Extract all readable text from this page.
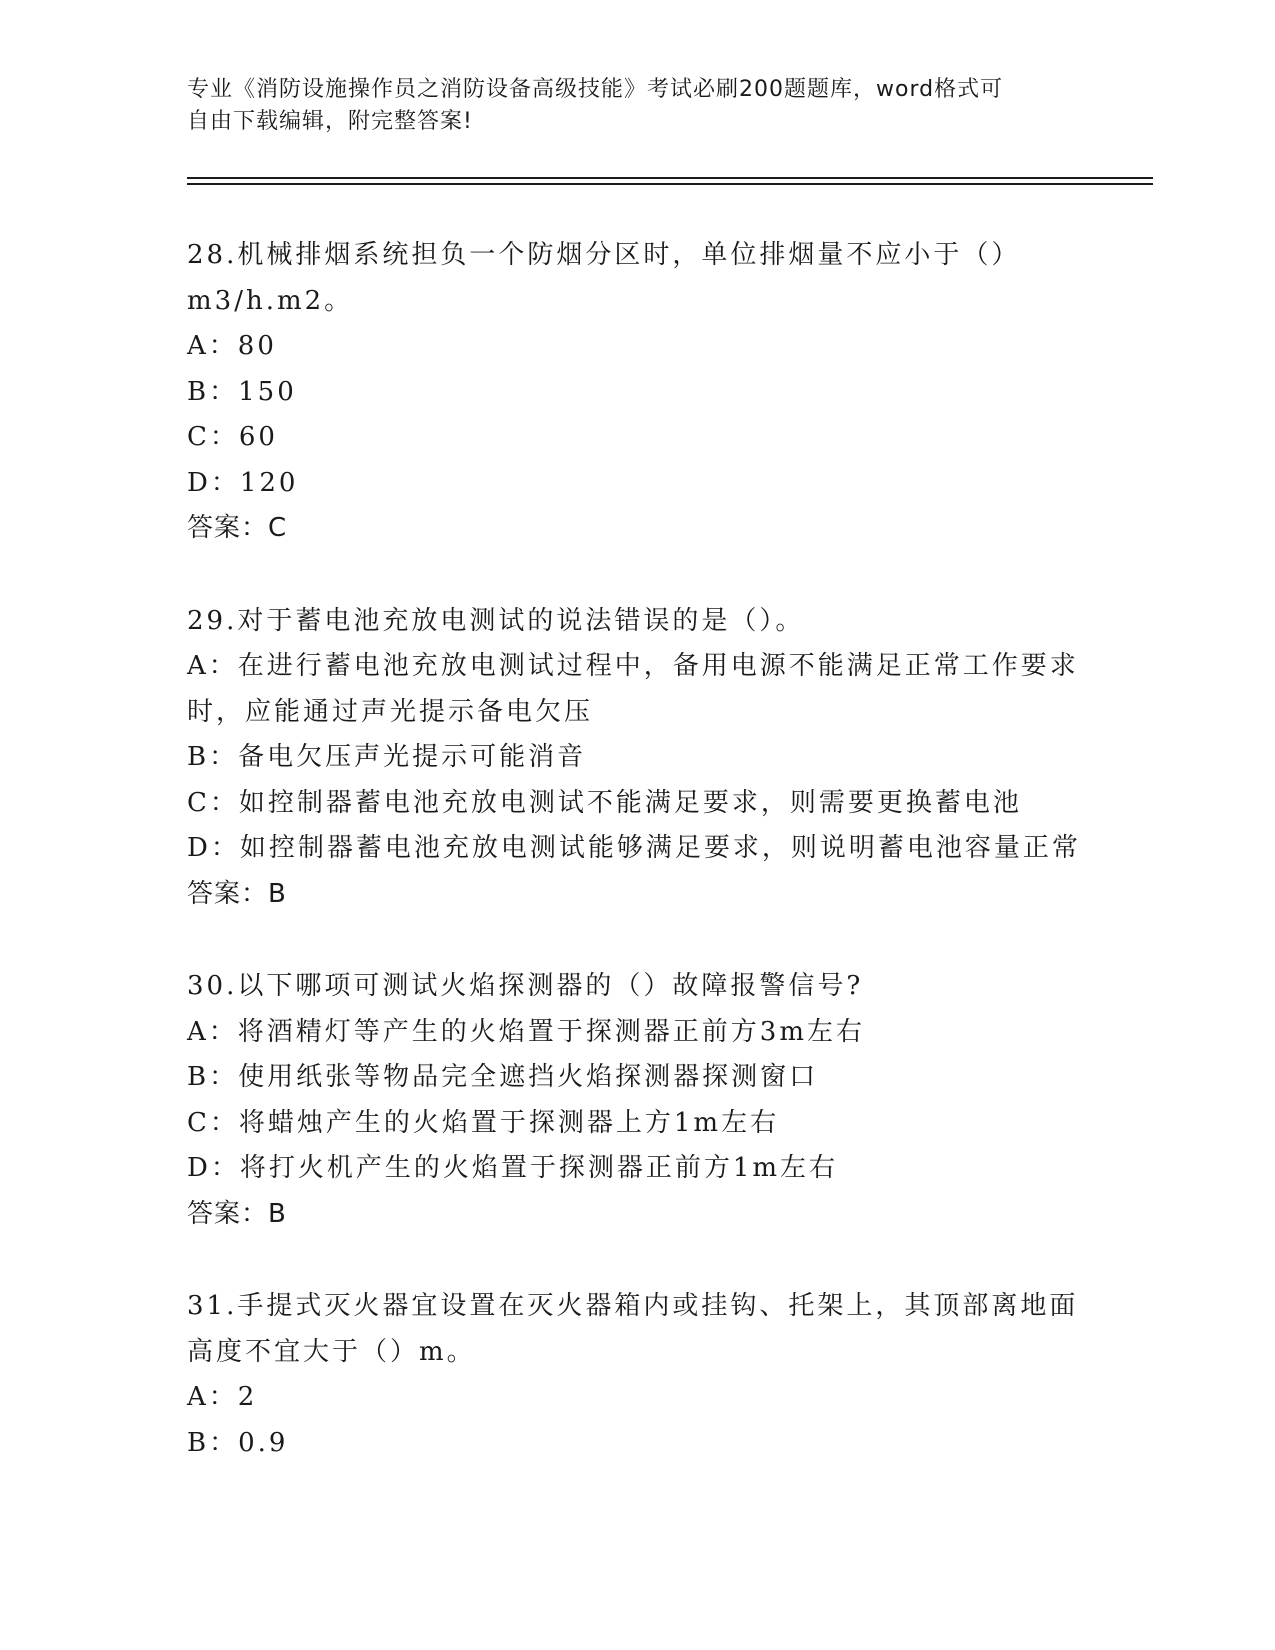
专业《消防设施操作员之消防设备高级技能》考试必刷200题题库，word格式可
自由下载编辑，附完整答案!
28.机械排烟系统担负一个防烟分区时，单位排烟量不应小于（）
m3/h.m2。
A：80
B：150
C：60
D：120
答案：C
29.对于蓄电池充放电测试的说法错误的是（）。
A：在进行蓄电池充放电测试过程中，备用电源不能满足正常工作要求
时，应能通过声光提示备电欠压
B：备电欠压声光提示可能消音
C：如控制器蓄电池充放电测试不能满足要求，则需要更换蓄电池
D：如控制器蓄电池充放电测试能够满足要求，则说明蓄电池容量正常
答案：B
30.以下哪项可测试火焰探测器的（）故障报警信号?
A：将酒精灯等产生的火焰置于探测器正前方3m左右
B：使用纸张等物品完全遮挡火焰探测器探测窗口
C：将蜡烛产生的火焰置于探测器上方1m左右
D：将打火机产生的火焰置于探测器正前方1m左右
答案：B
31.手提式灭火器宜设置在灭火器箱内或挂钩、托架上，其顶部离地面
高度不宜大于（）m。
A：2
B：0.9
